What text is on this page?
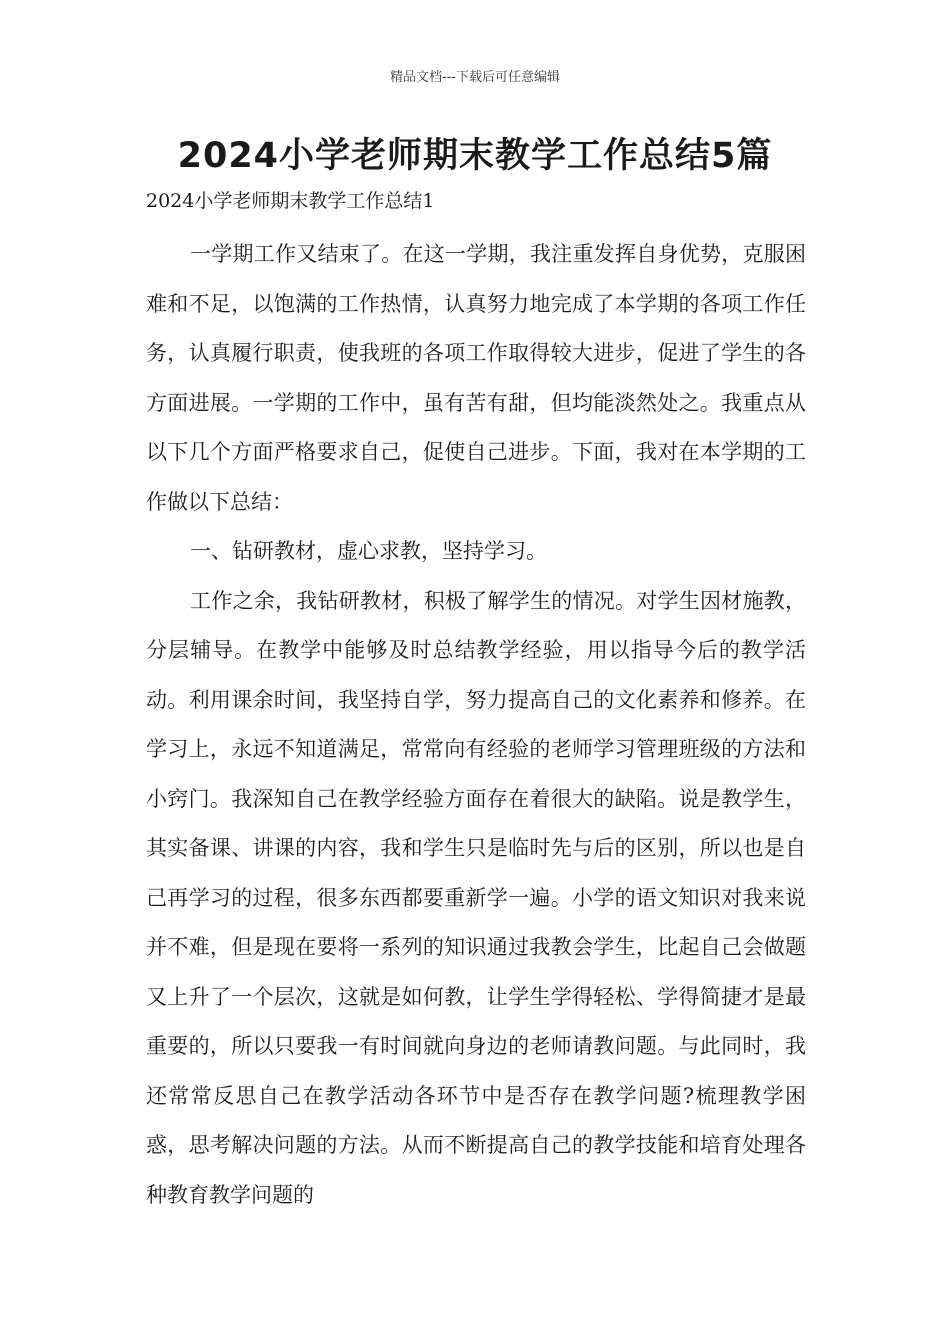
精品文档---下载后可任意编辑
2024小学老师期末教学工作总结5篇

2024小学老师期末教学工作总结1

一学期工作又结束了。在这一学期，我注重发挥自身优势，克服困难和不足，以饱满的工作热情，认真努力地完成了本学期的各项工作任务，认真履行职责，使我班的各项工作取得较大进步，促进了学生的各方面进展。一学期的工作中，虽有苦有甜，但均能淡然处之。我重点从以下几个方面严格要求自己，促使自己进步。下面，我对在本学期的工作做以下总结：

一、钻研教材，虚心求教，坚持学习。

工作之余，我钻研教材，积极了解学生的情况。对学生因材施教，分层辅导。在教学中能够及时总结教学经验，用以指导今后的教学活动。利用课余时间，我坚持自学，努力提高自己的文化素养和修养。在学习上，永远不知道满足，常常向有经验的老师学习管理班级的方法和小窍门。我深知自己在教学经验方面存在着很大的缺陷。说是教学生，其实备课、讲课的内容，我和学生只是临时先与后的区别，所以也是自己再学习的过程，很多东西都要重新学一遍。小学的语文知识对我来说并不难，但是现在要将一系列的知识通过我教会学生，比起自己会做题又上升了一个层次，这就是如何教，让学生学得轻松、学得简捷才是最重要的，所以只要我一有时间就向身边的老师请教问题。与此同时，我还常常反思自己在教学活动各环节中是否存在教学问题?梳理教学困惑，思考解决问题的方法。从而不断提高自己的教学技能和培育处理各种教育教学问题的
